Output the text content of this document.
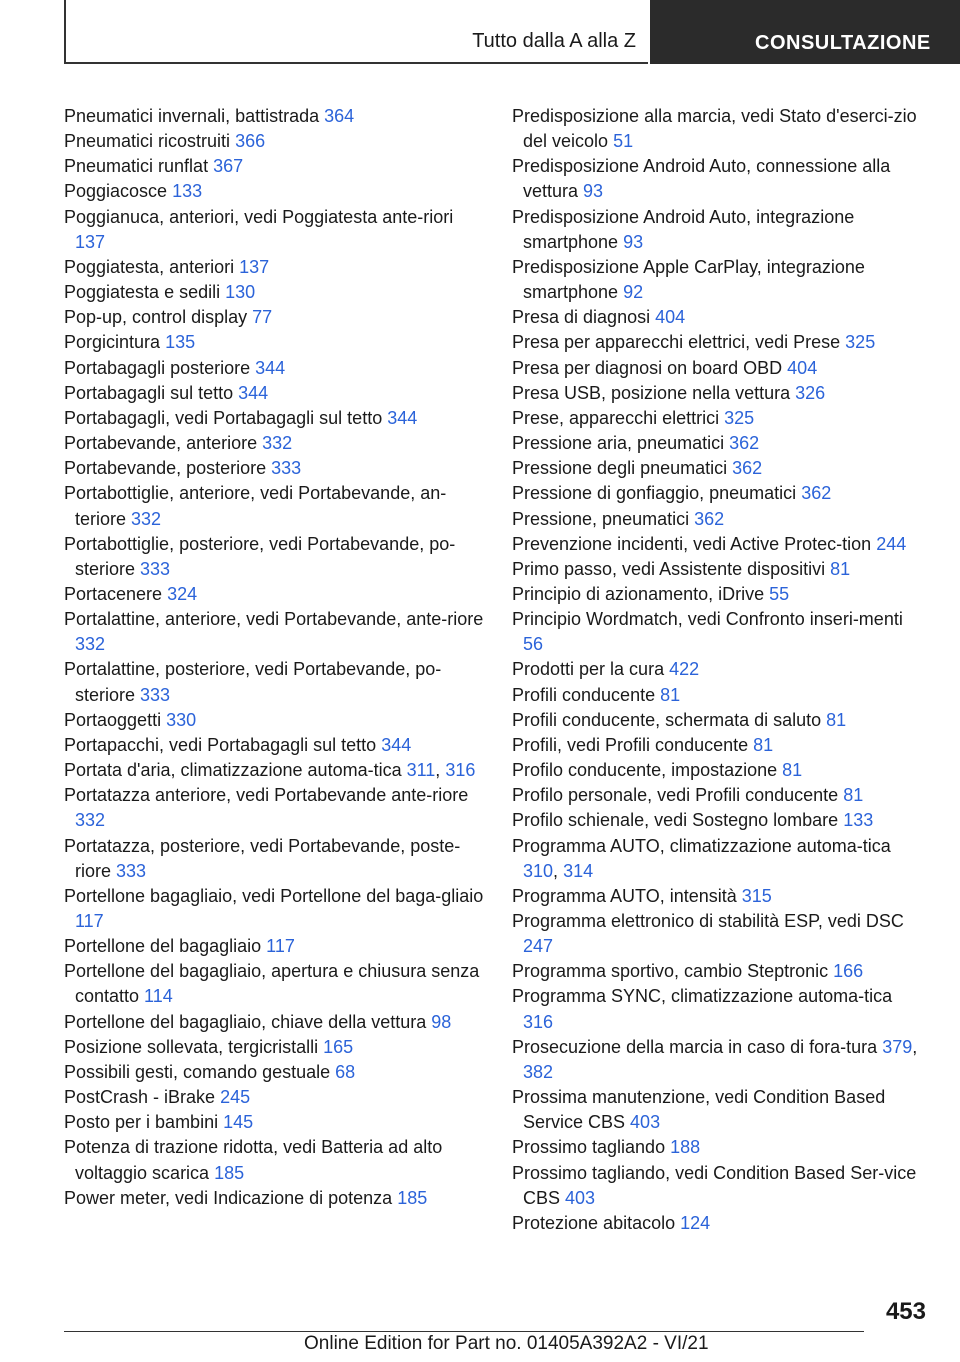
Tutto dalla A alla Z	CONSULTAZIONE

Pneumatici invernali, battistrada 364

Pneumatici ricostruiti 366

Pneumatici runflat 367

Poggiacosce 133

Poggianuca, anteriori, vedi Poggiatesta ante‐riori 137

Poggiatesta, anteriori 137

Poggiatesta e sedili 130

Pop-up, control display 77

Porgicintura 135

Portabagagli posteriore 344

Portabagagli sul tetto 344

Portabagagli, vedi Portabagagli sul tetto 344

Portabevande, anteriore 332

Portabevande, posteriore 333

Portabottiglie, anteriore, vedi Portabevande, an‐teriore 332

Portabottiglie, posteriore, vedi Portabevande, po‐steriore 333

Portacenere 324

Portalattine, anteriore, vedi Portabevande, ante‐riore 332

Portalattine, posteriore, vedi Portabevande, po‐steriore 333

Portaoggetti 330

Portapacchi, vedi Portabagagli sul tetto 344

Portata d'aria, climatizzazione automa‐tica 311, 316

Portatazza anteriore, vedi Portabevande ante‐riore 332

Portatazza, posteriore, vedi Portabevande, poste‐riore 333

Portellone bagagliaio, vedi Portellone del baga‐gliaio 117

Portellone del bagagliaio 117

Portellone del bagagliaio, apertura e chiusura senza contatto 114

Portellone del bagagliaio, chiave della vettura 98

Posizione sollevata, tergicristalli 165

Possibili gesti, comando gestuale 68

PostCrash - iBrake 245

Posto per i bambini 145

Potenza di trazione ridotta, vedi Batteria ad alto voltaggio scarica 185

Power meter, vedi Indicazione di potenza 185

Predisposizione alla marcia, vedi Stato d'eserci‐zio del veicolo 51

Predisposizione Android Auto, connessione alla vettura 93

Predisposizione Android Auto, integrazione smartphone 93

Predisposizione Apple CarPlay, integrazione smartphone 92

Presa di diagnosi 404

Presa per apparecchi elettrici, vedi Prese 325

Presa per diagnosi on board OBD 404

Presa USB, posizione nella vettura 326

Prese, apparecchi elettrici 325

Pressione aria, pneumatici 362

Pressione degli pneumatici 362

Pressione di gonfiaggio, pneumatici 362

Pressione, pneumatici 362

Prevenzione incidenti, vedi Active Protec‐tion 244

Primo passo, vedi Assistente dispositivi 81

Principio di azionamento, iDrive 55

Principio Wordmatch, vedi Confronto inseri‐menti 56

Prodotti per la cura 422

Profili conducente 81

Profili conducente, schermata di saluto 81

Profili, vedi Profili conducente 81

Profilo conducente, impostazione 81

Profilo personale, vedi Profili conducente 81

Profilo schienale, vedi Sostegno lombare 133

Programma AUTO, climatizzazione automa‐tica 310, 314

Programma AUTO, intensità 315

Programma elettronico di stabilità ESP, vedi DSC 247

Programma sportivo, cambio Steptronic 166

Programma SYNC, climatizzazione automa‐tica 316

Prosecuzione della marcia in caso di fora‐tura 379, 382

Prossima manutenzione, vedi Condition Based Service CBS 403

Prossimo tagliando 188

Prossimo tagliando, vedi Condition Based Ser‐vice CBS 403

Protezione abitacolo 124

453
Online Edition for Part no. 01405A392A2 - VI/21
